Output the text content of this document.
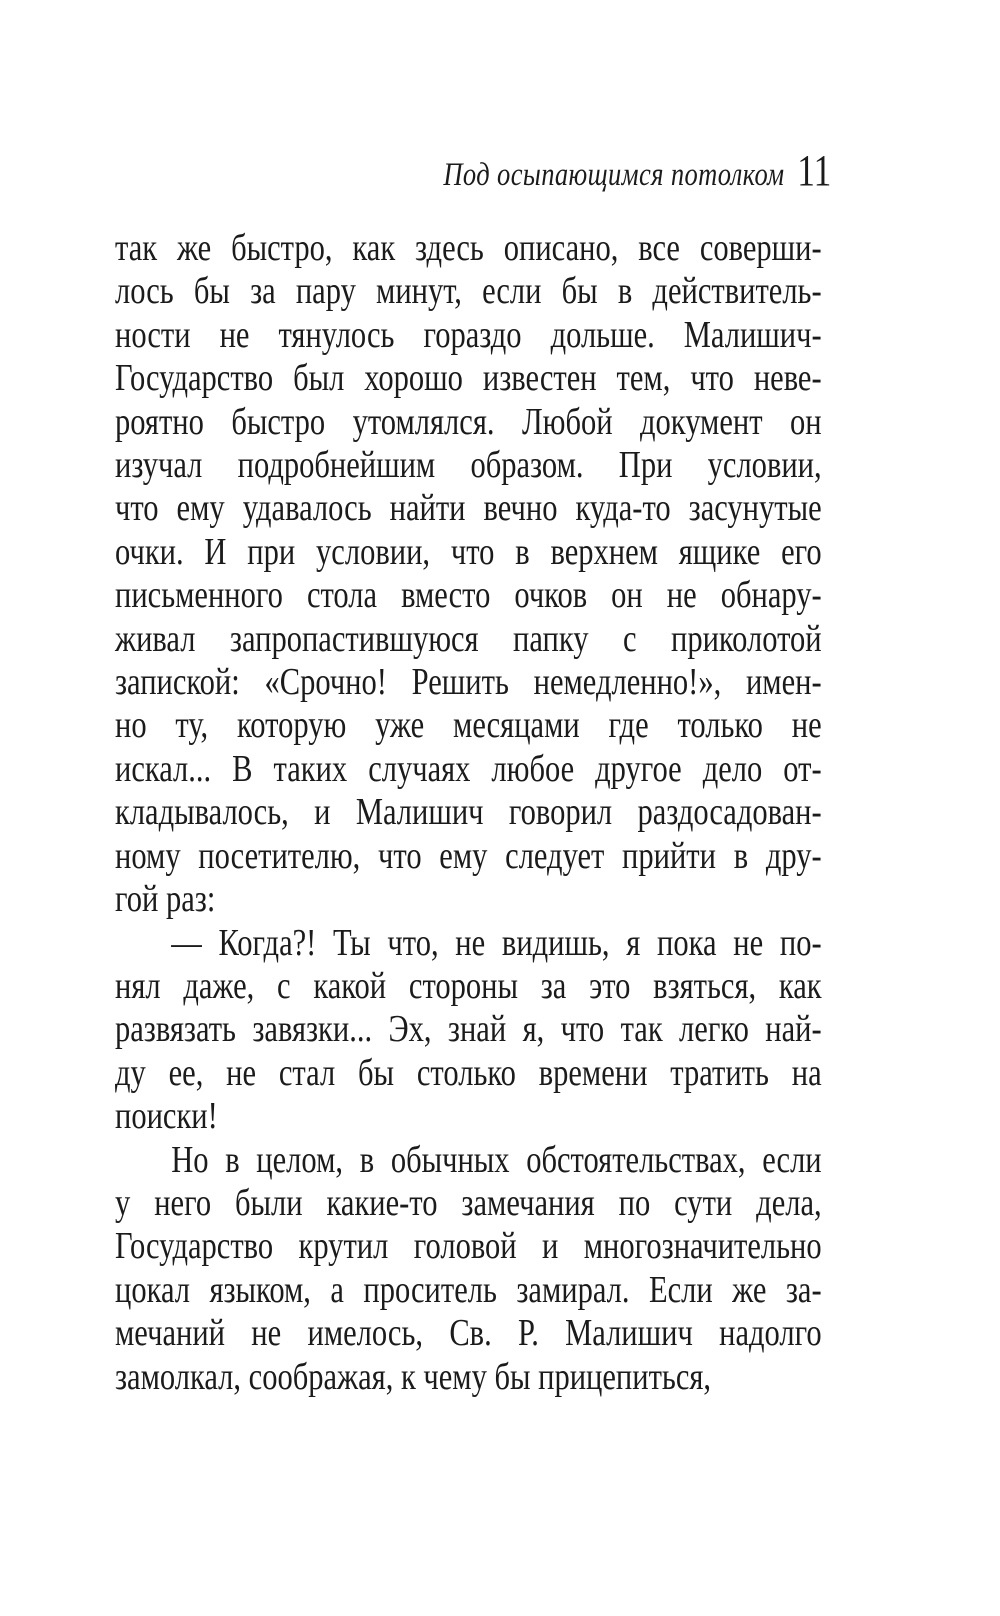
Под осыпающимся потолком 11
так же быстро, как здесь описано, все соверши-
лось бы за пару минут, если бы в действитель-
ности не тянулось гораздо дольше. Малишич-
Государство был хорошо известен тем, что неве-
роятно быстро утомлялся. Любой документ он
изучал подробнейшим образом. При условии,
что ему удавалось найти вечно куда-то засунутые
очки. И при условии, что в верхнем ящике его
письменного стола вместо очков он не обнару-
живал запропастившуюся папку с приколотой
запиской: «Срочно! Решить немедленно!», имен-
но ту, которую уже месяцами где только не
искал... В таких случаях любое другое дело от-
кладывалось, и Малишич говорил раздосадован-
ному посетителю, что ему следует прийти в дру-
гой раз:
— Когда?! Ты что, не видишь, я пока не по-
нял даже, с какой стороны за это взяться, как
развязать завязки... Эх, знай я, что так легко най-
ду ее, не стал бы столько времени тратить на
поиски!
Но в целом, в обычных обстоятельствах, если
у него были какие-то замечания по сути дела,
Государство крутил головой и многозначительно
цокал языком, а проситель замирал. Если же за-
мечаний не имелось, Св. Р. Малишич надолго
замолкал, соображая, к чему бы прицепиться,
